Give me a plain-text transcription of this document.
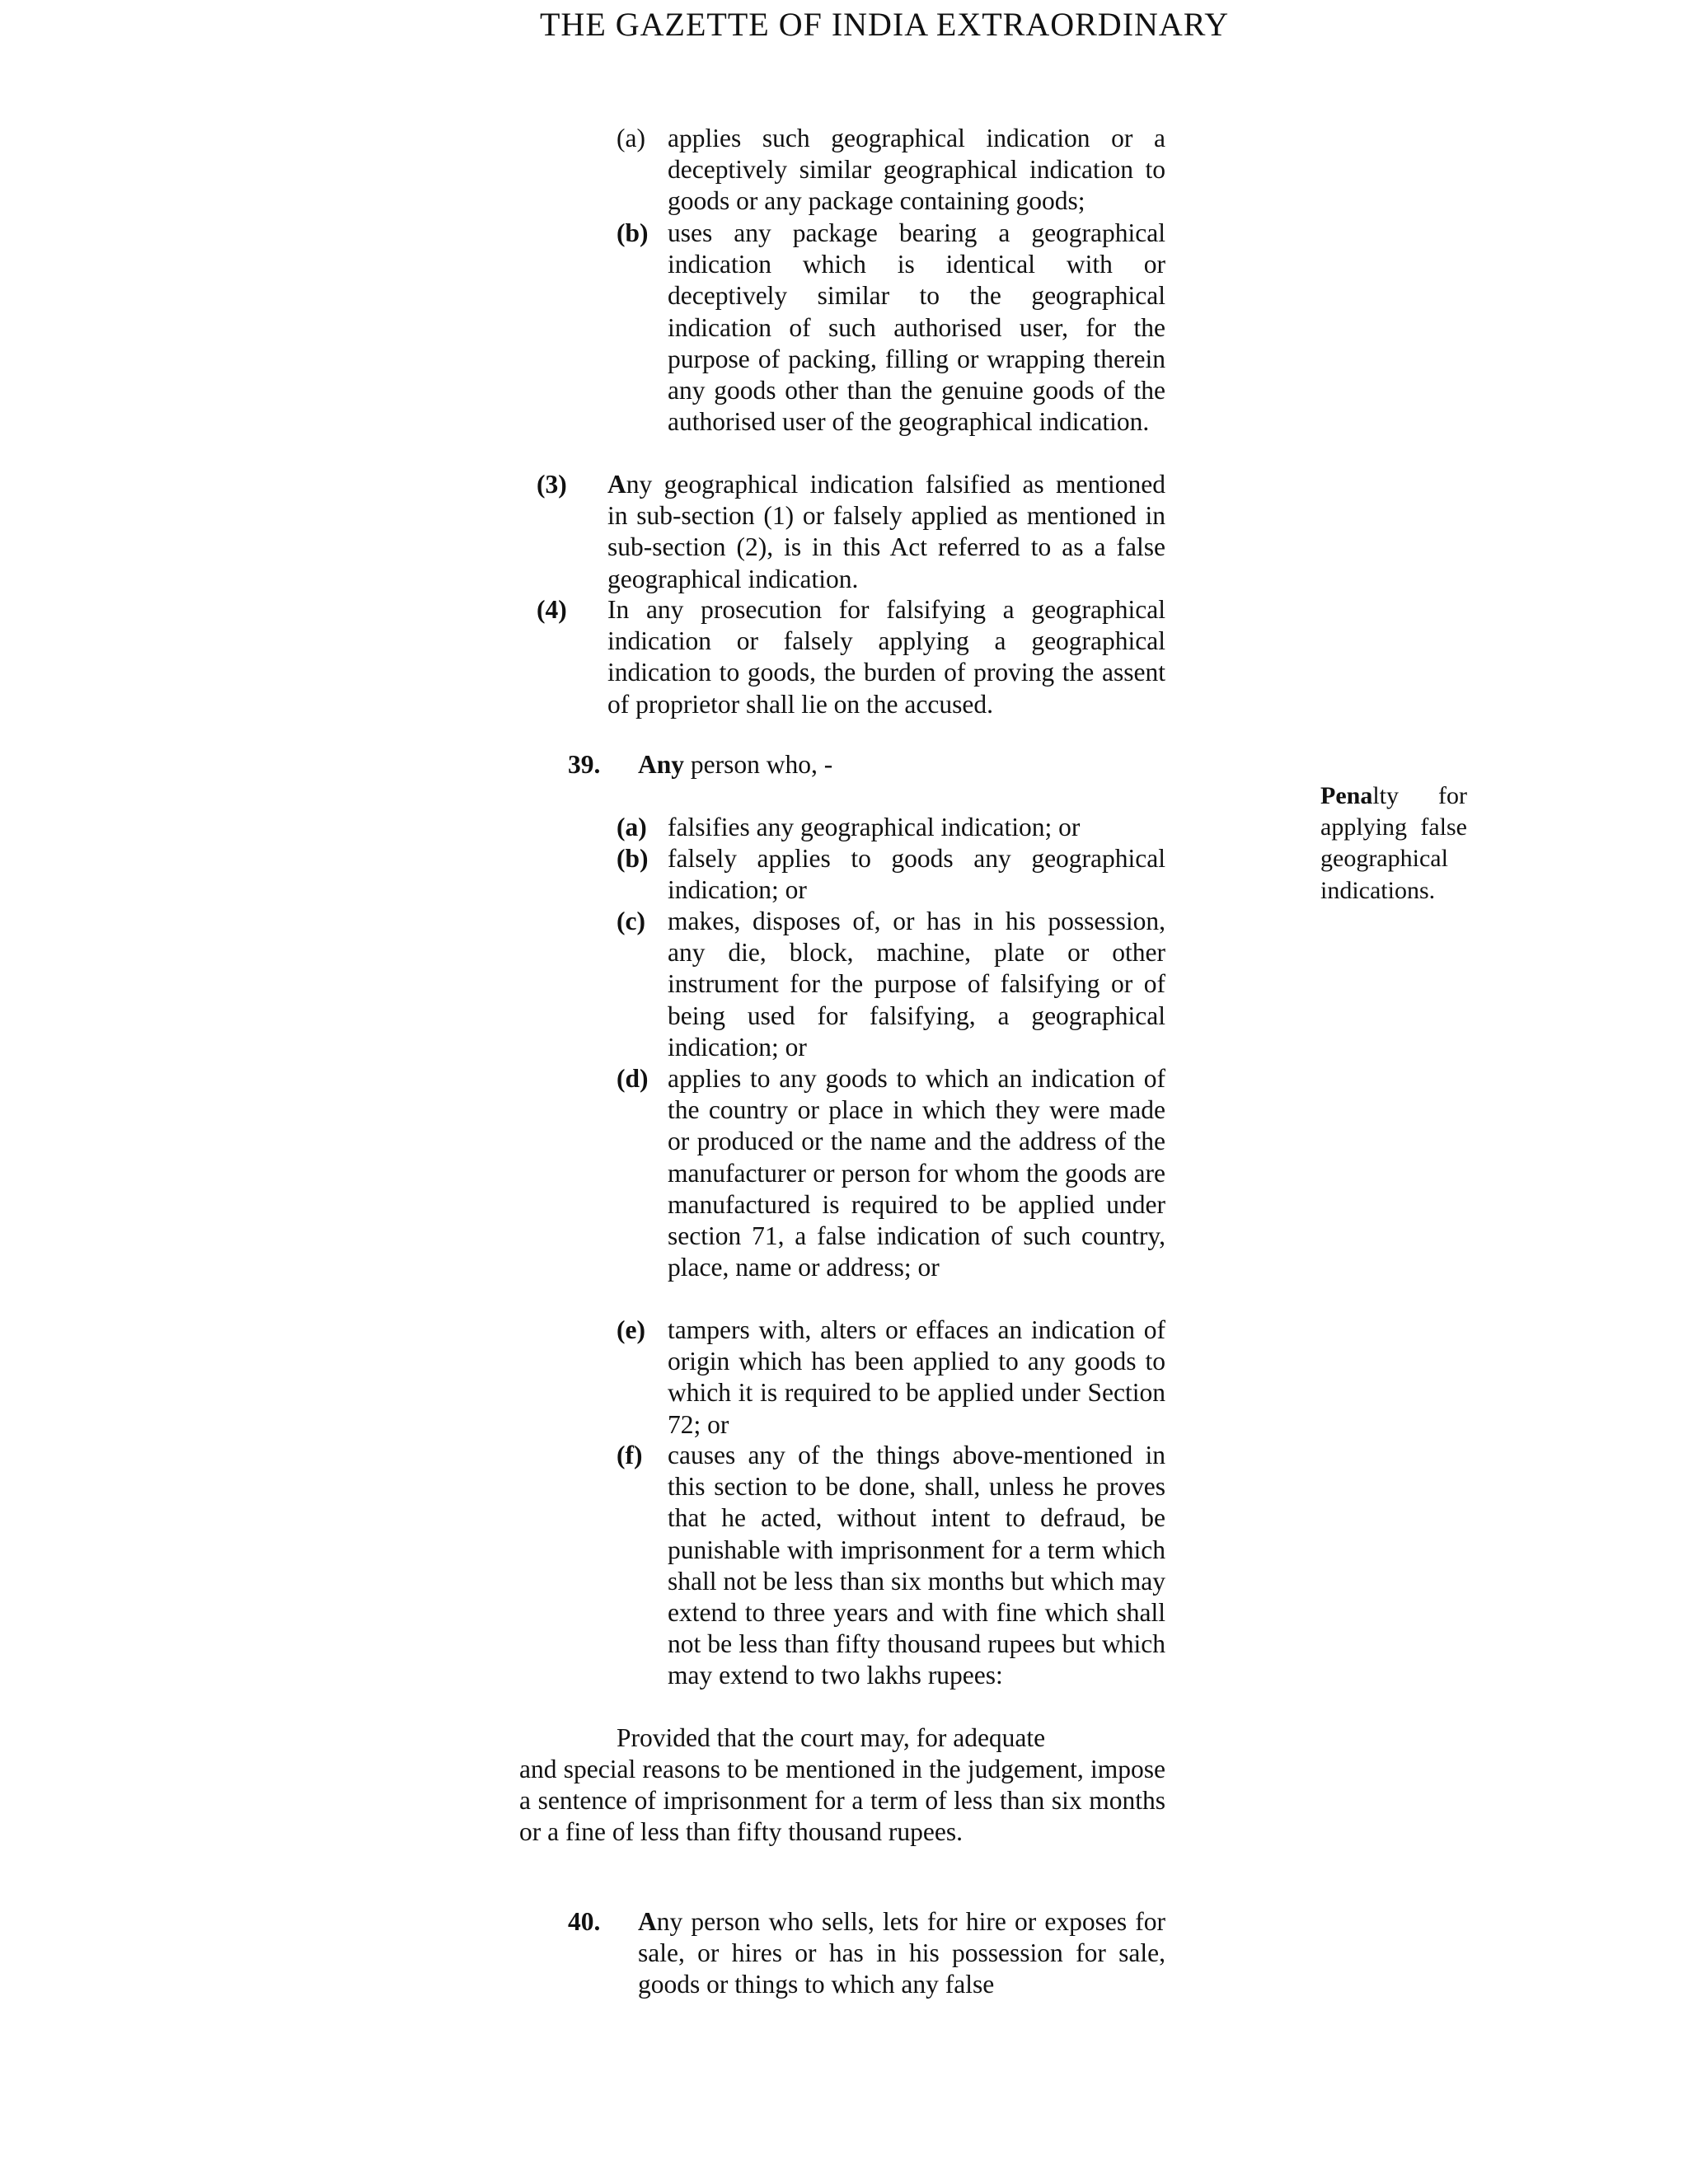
THE GAZETTE OF INDIA EXTRAORDINARY
(a) applies such geographical indication or a deceptively similar geographical indication to goods or any package containing goods;
(b) uses any package bearing a geographical indication which is identical with or deceptively similar to the geographical indication of such authorised user, for the purpose of packing, filling or wrapping therein any goods other than the genuine goods of the authorised user of the geographical indication.
(3) Any geographical indication falsified as mentioned in sub-section (1) or falsely applied as mentioned in sub-section (2), is in this Act referred to as a false geographical indication.
(4) In any prosecution for falsifying a geographical indication or falsely applying a geographical indication to goods, the burden of proving the assent of proprietor shall lie on the accused.
39. Any person who, -
Penalty for applying false geographical indications.
(a) falsifies any geographical indication; or
(b) falsely applies to goods any geographical indication; or
(c) makes, disposes of, or has in his possession, any die, block, machine, plate or other instrument for the purpose of falsifying or of being used for falsifying, a geographical indication; or
(d) applies to any goods to which an indication of the country or place in which they were made or produced or the name and the address of the manufacturer or person for whom the goods are manufactured is required to be applied under section 71, a false indication of such country, place, name or address; or
(e) tampers with, alters or effaces an indication of origin which has been applied to any goods to which it is required to be applied under Section 72; or
(f) causes any of the things above-mentioned in this section to be done, shall, unless he proves that he acted, without intent to defraud, be punishable with imprisonment for a term which shall not be less than six months but which may extend to three years and with fine which shall not be less than fifty thousand rupees but which may extend to two lakhs rupees:
Provided that the court may, for adequate
and special reasons to be mentioned in the judgement, impose a sentence of imprisonment for a term of less than six months or a fine of less than fifty thousand rupees.
40. Any person who sells, lets for hire or exposes for sale, or hires or has in his possession for sale, goods or things to which any false
